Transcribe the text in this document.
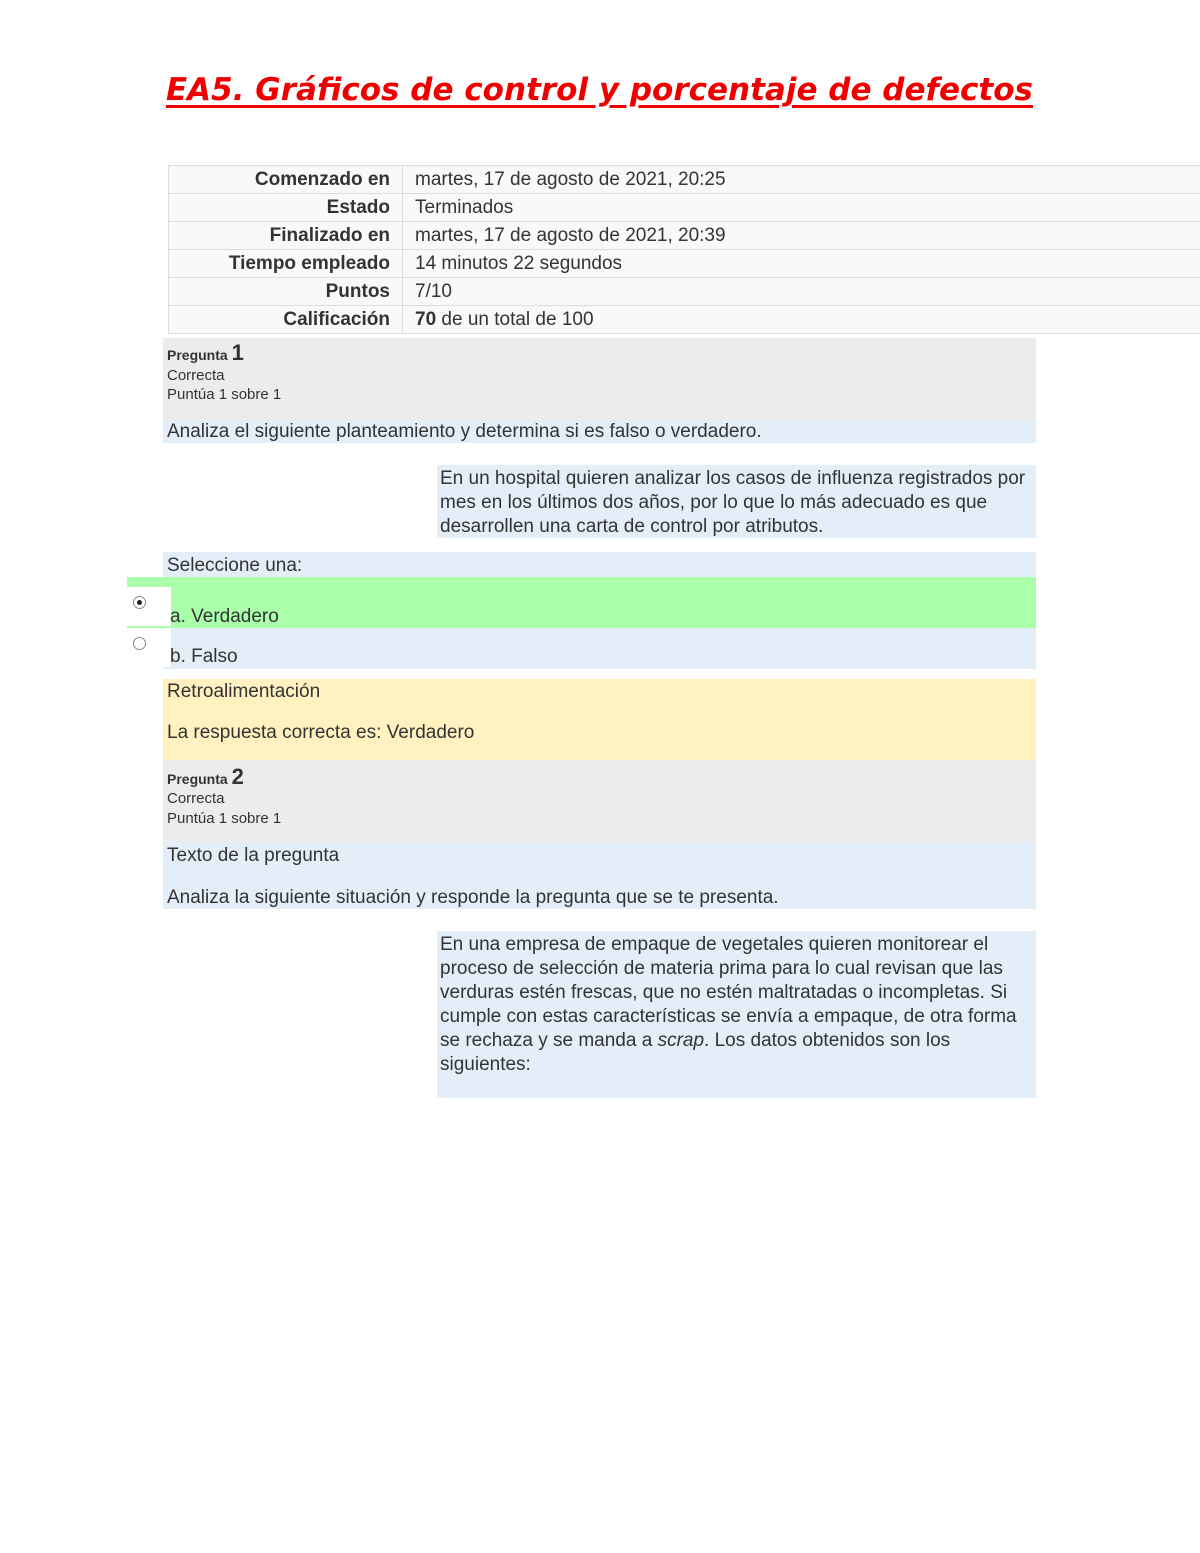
EA5. Gráficos de control y porcentaje de defectos
Comenzado en	martes, 17 de agosto de 2021, 20:25
Estado	Terminados
Finalizado en	martes, 17 de agosto de 2021, 20:39
Tiempo empleado	14 minutos 22 segundos
Puntos	7/10
Calificación	70 de un total de 100
Pregunta 1
Correcta
Puntúa 1 sobre 1
Analiza el siguiente planteamiento y determina si es falso o verdadero.
En un hospital quieren analizar los casos de influenza registrados por mes en los últimos dos años, por lo que lo más adecuado es que desarrollen una carta de control por atributos.
Seleccione una:
a. Verdadero
b. Falso
Retroalimentación
La respuesta correcta es: Verdadero
Pregunta 2
Correcta
Puntúa 1 sobre 1
Texto de la pregunta
Analiza la siguiente situación y responde la pregunta que se te presenta.
En una empresa de empaque de vegetales quieren monitorear el proceso de selección de materia prima para lo cual revisan que las verduras estén frescas, que no estén maltratadas o incompletas. Si cumple con estas características se envía a empaque, de otra forma se rechaza y se manda a scrap. Los datos obtenidos son los siguientes:
